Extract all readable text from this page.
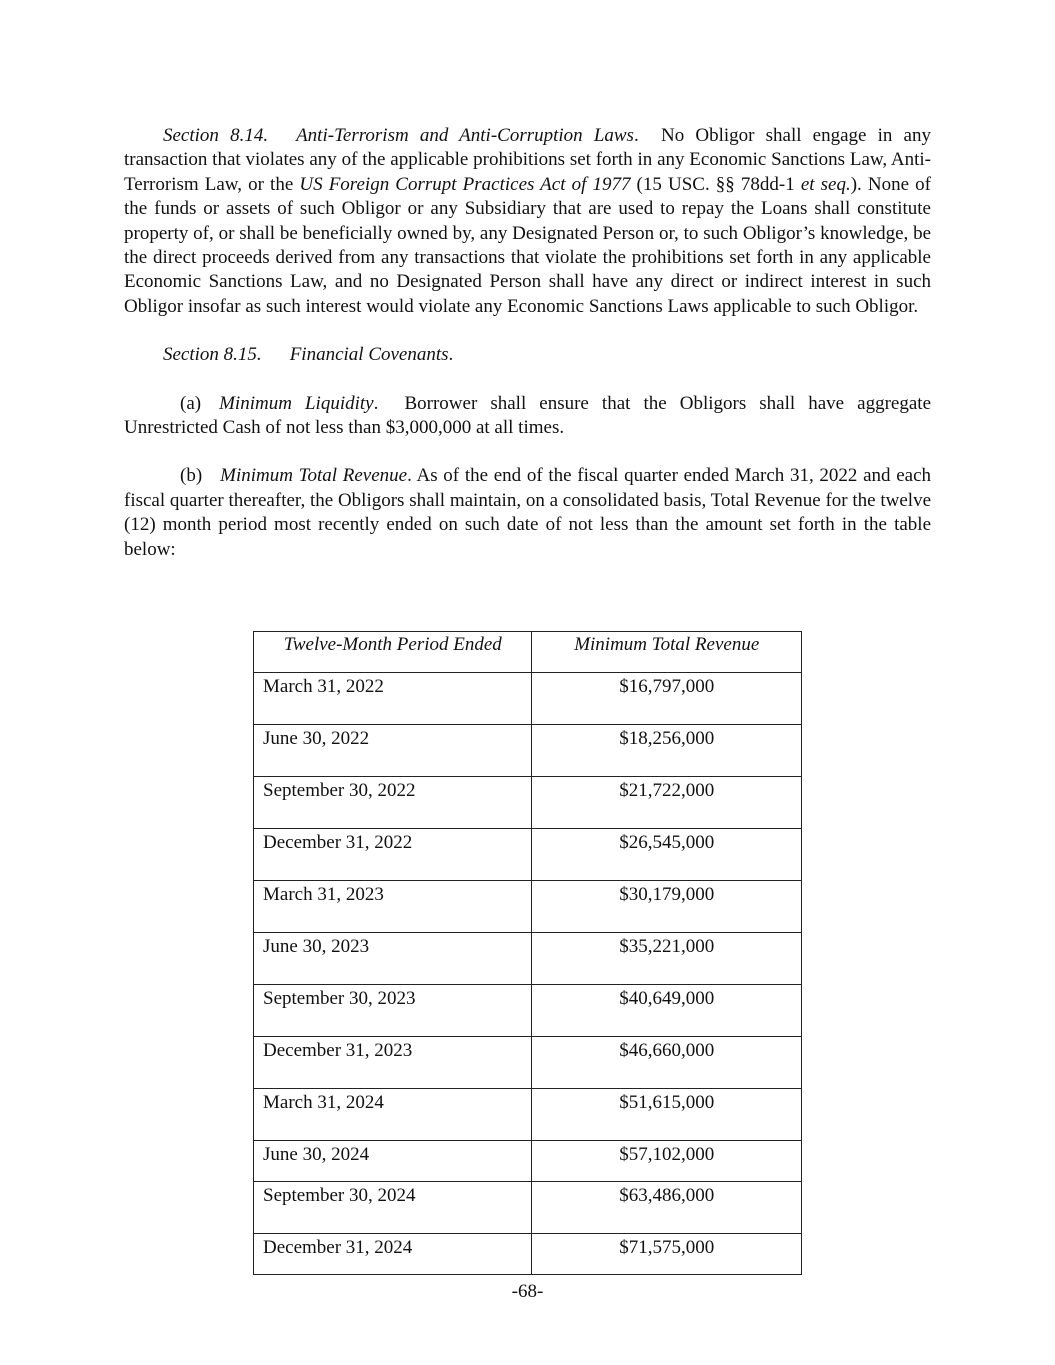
Section 8.14. Anti-Terrorism and Anti-Corruption Laws.  No Obligor shall engage in any transaction that violates any of the applicable prohibitions set forth in any Economic Sanctions Law, Anti-Terrorism Law, or the US Foreign Corrupt Practices Act of 1977 (15 USC. §§ 78dd-1 et seq.). None of the funds or assets of such Obligor or any Subsidiary that are used to repay the Loans shall constitute property of, or shall be beneficially owned by, any Designated Person or, to such Obligor’s knowledge, be the direct proceeds derived from any transactions that violate the prohibitions set forth in any applicable Economic Sanctions Law, and no Designated Person shall have any direct or indirect interest in such Obligor insofar as such interest would violate any Economic Sanctions Laws applicable to such Obligor.

Section 8.15. Financial Covenants.

(a) Minimum Liquidity.  Borrower shall ensure that the Obligors shall have aggregate Unrestricted Cash of not less than $3,000,000 at all times.

(b) Minimum Total Revenue. As of the end of the fiscal quarter ended March 31, 2022 and each fiscal quarter thereafter, the Obligors shall maintain, on a consolidated basis, Total Revenue for the twelve (12) month period most recently ended on such date of not less than the amount set forth in the table below:

Twelve-Month Period Ended	Minimum Total Revenue
March 31, 2022	$16,797,000
June 30, 2022	$18,256,000
September 30, 2022	$21,722,000
December 31, 2022	$26,545,000
March 31, 2023	$30,179,000
June 30, 2023	$35,221,000
September 30, 2023	$40,649,000
December 31, 2023	$46,660,000
March 31, 2024	$51,615,000
June 30, 2024	$57,102,000
September 30, 2024	$63,486,000
December 31, 2024	$71,575,000
-68-
